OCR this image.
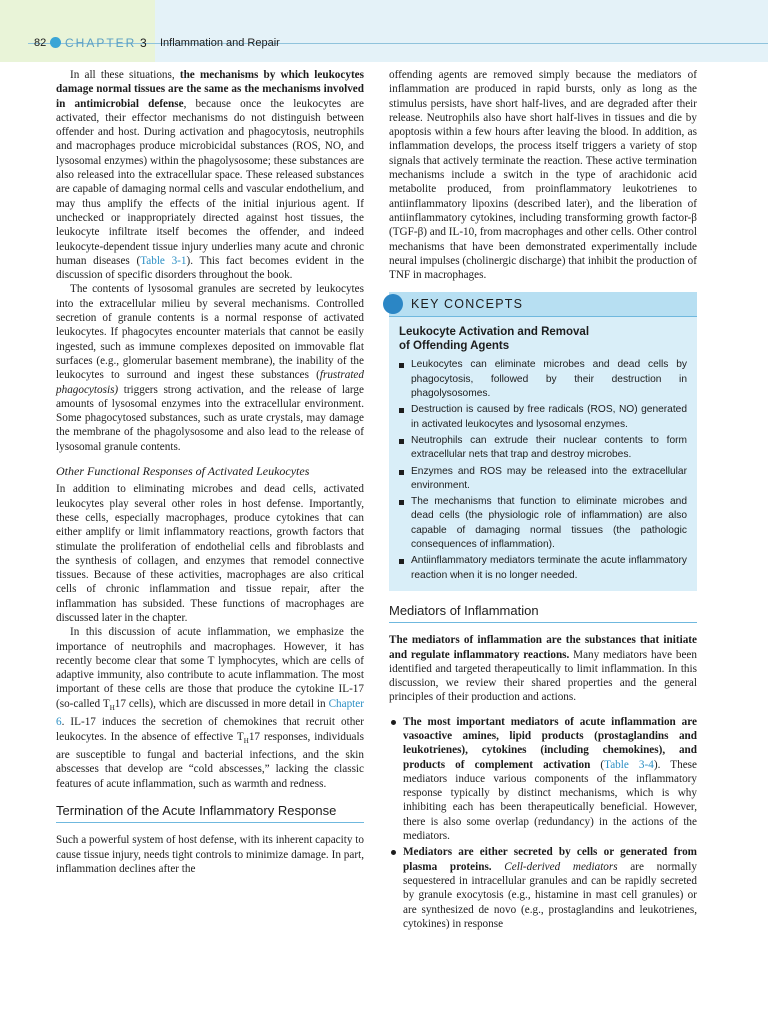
82 CHAPTER 3 Inflammation and Repair

In all these situations, the mechanisms by which leukocytes damage normal tissues are the same as the mechanisms involved in antimicrobial defense, because once the leukocytes are activated, their effector mechanisms do not distinguish between offender and host. During activation and phagocytosis, neutrophils and macrophages produce microbicidal substances (ROS, NO, and lysosomal enzymes) within the phagolysosome; these substances are also released into the extracellular space. These released substances are capable of damaging normal cells and vascular endothelium, and may thus amplify the effects of the initial injurious agent. If unchecked or inappropriately directed against host tissues, the leukocyte infiltrate itself becomes the offender, and indeed leukocyte-dependent tissue injury underlies many acute and chronic human diseases (Table 3-1). This fact becomes evident in the discussion of specific disorders throughout the book.

The contents of lysosomal granules are secreted by leukocytes into the extracellular milieu by several mechanisms. Controlled secretion of granule contents is a normal response of activated leukocytes. If phagocytes encounter materials that cannot be easily ingested, such as immune complexes deposited on immovable flat surfaces (e.g., glomerular basement membrane), the inability of the leukocytes to surround and ingest these substances (frustrated phagocytosis) triggers strong activation, and the release of large amounts of lysosomal enzymes into the extracellular environment. Some phagocytosed substances, such as urate crystals, may damage the membrane of the phagolysosome and also lead to the release of lysosomal granule contents.

Other Functional Responses of Activated Leukocytes

In addition to eliminating microbes and dead cells, activated leukocytes play several other roles in host defense. Importantly, these cells, especially macrophages, produce cytokines that can either amplify or limit inflammatory reactions, growth factors that stimulate the proliferation of endothelial cells and fibroblasts and the synthesis of collagen, and enzymes that remodel connective tissues. Because of these activities, macrophages are also critical cells of chronic inflammation and tissue repair, after the inflammation has subsided. These functions of macrophages are discussed later in the chapter.

In this discussion of acute inflammation, we emphasize the importance of neutrophils and macrophages. However, it has recently become clear that some T lymphocytes, which are cells of adaptive immunity, also contribute to acute inflammation. The most important of these cells are those that produce the cytokine IL-17 (so-called $T_H17$ cells), which are discussed in more detail in Chapter 6. IL-17 induces the secretion of chemokines that recruit other leukocytes. In the absence of effective $T_H17$ responses, individuals are susceptible to fungal and bacterial infections, and the skin abscesses that develop are “cold abscesses,” lacking the classic features of acute inflammation, such as warmth and redness.

Termination of the Acute Inflammatory Response

Such a powerful system of host defense, with its inherent capacity to cause tissue injury, needs tight controls to minimize damage. In part, inflammation declines after the

offending agents are removed simply because the mediators of inflammation are produced in rapid bursts, only as long as the stimulus persists, have short half-lives, and are degraded after their release. Neutrophils also have short half-lives in tissues and die by apoptosis within a few hours after leaving the blood. In addition, as inflammation develops, the process itself triggers a variety of stop signals that actively terminate the reaction. These active termination mechanisms include a switch in the type of arachidonic acid metabolite produced, from proinflammatory leukotrienes to antiinflammatory lipoxins (described later), and the liberation of antiinflammatory cytokines, including transforming growth factor-β (TGF-β) and IL-10, from macrophages and other cells. Other control mechanisms that have been demonstrated experimentally include neural impulses (cholinergic discharge) that inhibit the production of TNF in macrophages.

KEY CONCEPTS
Leukocyte Activation and Removal
of Offending Agents
Leukocytes can eliminate microbes and dead cells by phagocytosis, followed by their destruction in phagolysosomes.
Destruction is caused by free radicals (ROS, NO) generated in activated leukocytes and lysosomal enzymes.
Neutrophils can extrude their nuclear contents to form extracellular nets that trap and destroy microbes.
Enzymes and ROS may be released into the extracellular environment.
The mechanisms that function to eliminate microbes and dead cells (the physiologic role of inflammation) are also capable of damaging normal tissues (the pathologic consequences of inflammation).
Antiinflammatory mediators terminate the acute inflammatory reaction when it is no longer needed.

Mediators of Inflammation

The mediators of inflammation are the substances that initiate and regulate inflammatory reactions. Many mediators have been identified and targeted therapeutically to limit inflammation. In this discussion, we review their shared properties and the general principles of their production and actions.

The most important mediators of acute inflammation are vasoactive amines, lipid products (prostaglandins and leukotrienes), cytokines (including chemokines), and products of complement activation (Table 3-4). These mediators induce various components of the inflammatory response typically by distinct mechanisms, which is why inhibiting each has been therapeutically beneficial. However, there is also some overlap (redundancy) in the actions of the mediators.
Mediators are either secreted by cells or generated from plasma proteins. Cell-derived mediators are normally sequestered in intracellular granules and can be rapidly secreted by granule exocytosis (e.g., histamine in mast cell granules) or are synthesized de novo (e.g., prostaglandins and leukotrienes, cytokines) in response
